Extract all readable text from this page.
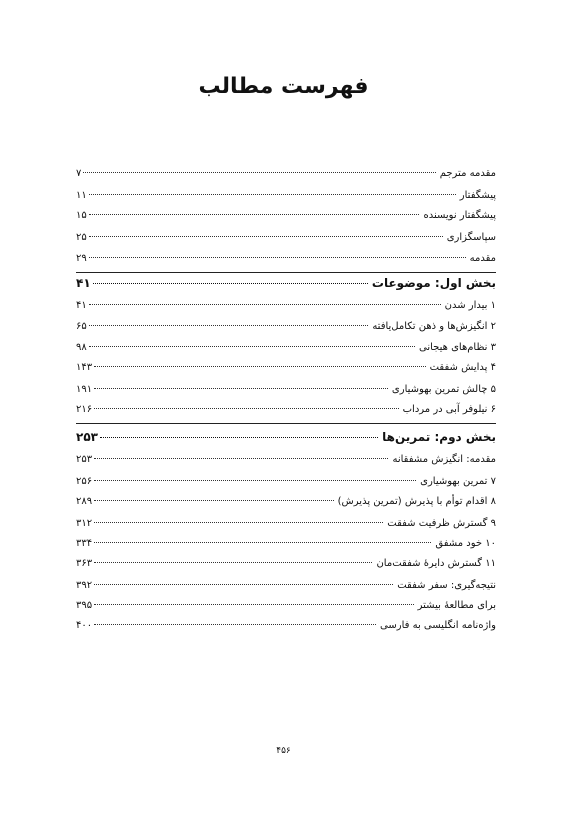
فهرست مطالب
مقدمه مترجم
۷
پیشگفتار
۱۱
پیشگفتار نویسنده
۱۵
سپاسگزاری
۲۵
مقدمه
۲۹
بخش اول: موضوعات
۴۱
۱ بیدار شدن
۴۱
۲ انگیزش‌ها و ذهن تکامل‌یافته
۶۵
۳ نظام‌های هیجانی
۹۸
۴ پدایش شفقت
۱۴۳
۵ چالش تمرین بهوشیاری
۱۹۱
۶ نیلوفر آبی در مرداب
۲۱۶
بخش دوم: تمرین‌ها
۲۵۳
مقدمه: انگیزش مشفقانه
۲۵۳
۷ تمرین بهوشیاری
۲۵۶
۸ اقدام توأم با پذیرش (تمرین پذیرش)
۲۸۹
۹ گسترش ظرفیت شفقت
۳۱۲
۱۰ خود مشفق
۳۳۴
۱۱ گسترش دایرهٔ شفقت‌مان
۳۶۳
نتیجه‌گیری: سفر شفقت
۳۹۲
برای مطالعهٔ بیشتر
۳۹۵
واژه‌نامه انگلیسی به فارسی
۴۰۰
۴۵۶
